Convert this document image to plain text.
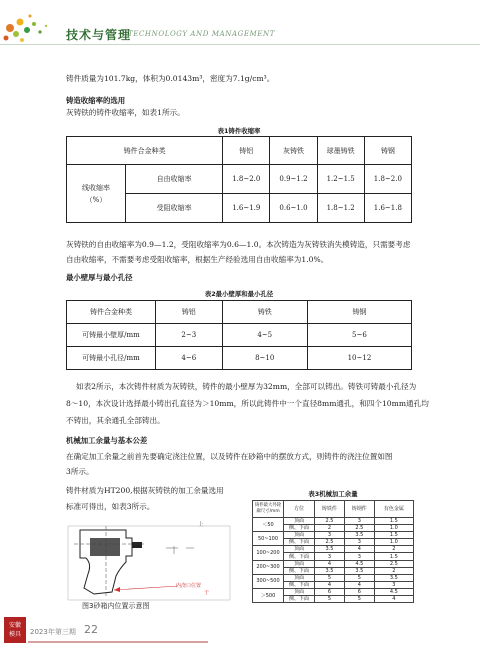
技术与管理
TECHNOLOGY AND MANAGEMENT
铸件质量为101.7kg，体积为0.0143m³，密度为7.1g/cm³。
铸造收缩率的选用
灰铸铁的铸件收缩率，如表1所示。
表1铸件收缩率
铸件合金种类		铸铝	灰铸铁	球墨铸铁	铸钢

线收缩率
（%）	自由收缩率	1.8~2.0	0.9~1.2	1.2~1.5	1.8~2.0
	受阻收缩率	1.6~1.9	0.6~1.0	1.8~1.2	1.6~1.8
灰铸铁的自由收缩率为0.9—1.2，受阻收缩率为0.6—1.0。本次铸造为灰铸铁消失模铸造，只需要考虑
自由收缩率，不需要考虑受阻收缩率，根据生产经验选用自由收缩率为1.0%。
最小壁厚与最小孔径
表2最小壁厚和最小孔径
铸件合金种类	铸铝	铸铁	铸钢
可铸最小壁厚/mm	2~3	4~5	5~6
可铸最小孔径/mm	4~6	8~10	10~12
如表2所示，本次铸件材质为灰铸铁，铸件的最小壁厚为32mm，全部可以铸出。铸铁可铸最小孔径为
8～10，本次设计选择最小铸出孔直径为＞10mm，所以此铸件中一个直径8mm通孔，和四个10mm通孔均
不铸出，其余通孔全部铸出。
机械加工余量与基本公差
在确定加工余量之前首先要确定浇注位置，以及铸件在砂箱中的摆放方式，则铸件的浇注位置如图
3所示。
铸件材质为HT200,根据灰铸铁的加工余量选用
标准可得出，如表3所示。
上
内浇口位置
于
图3砂箱内位置示意图
表3机械加工余量
铸件最大外轮廓尺寸/mm	方位	铸铁件	铸钢件	有色金属
＜50	顶面	2.5	3	1.5
	侧、下面	2	2.5	1.0
50~100	顶面	3	3.5	1.5
	侧、下面	2.5	3	1.0
100~200	顶面	3.5	4	2
	侧、下面	3	3	1.5
200~300	顶面	4	4.5	2.5
	侧、下面	3.5	3.5	2
300~500	顶面	5	5	3.5
	侧、下面	4	4	3
＞500	顶面	6	6	4.5
	侧、下面	5	5	4
安徽
模具	2023年第三期 22
